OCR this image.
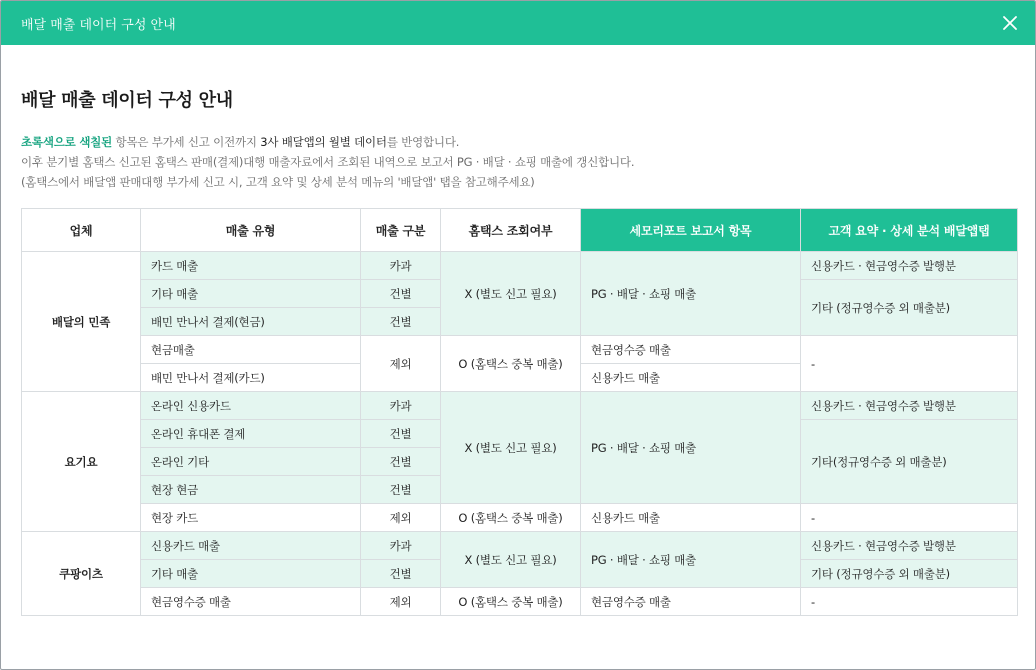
배달 매출 데이터 구성 안내
배달 매출 데이터 구성 안내
초록색으로 색칠된 항목은 부가세 신고 이전까지 3사 배달앱의 월별 데이터를 반영합니다.
이후 분기별 홈택스 신고된 홈택스 판매(결제)대행 매출자료에서 조회된 내역으로 보고서 PG · 배달 · 쇼핑 매출에 갱신합니다.
(홈택스에서 배달앱 판매대행 부가세 신고 시, 고객 요약 및 상세 분석 메뉴의 '배달앱' 탭을 참고해주세요)
업체	매출 유형	매출 구분	홈택스 조회여부	세모리포트 보고서 항목	고객 요약 · 상세 분석 배달앱탭
배달의 민족	카드 매출	카과	X (별도 신고 필요)	PG · 배달 · 쇼핑 매출	신용카드 · 현금영수증 발행분
	기타 매출	건별			기타 (정규영수증 외 매출분)
	배민 만나서 결제(현금)	건별			
	현금매출	제외	O (홈택스 중복 매출)	현금영수증 매출	-
	배민 만나서 결제(카드)			신용카드 매출	
요기요	온라인 신용카드	카과	X (별도 신고 필요)	PG · 배달 · 쇼핑 매출	신용카드 · 현금영수증 발행분
	온라인 휴대폰 결제	건별			기타(정규영수증 외 매출분)
	온라인 기타	건별			
	현장 현금	건별			
	현장 카드	제외	O (홈택스 중복 매출)	신용카드 매출	-
쿠팡이츠	신용카드 매출	카과	X (별도 신고 필요)	PG · 배달 · 쇼핑 매출	신용카드 · 현금영수증 발행분
	기타 매출	건별			기타 (정규영수증 외 매출분)
	현금영수증 매출	제외	O (홈택스 중복 매출)	현금영수증 매출	-
